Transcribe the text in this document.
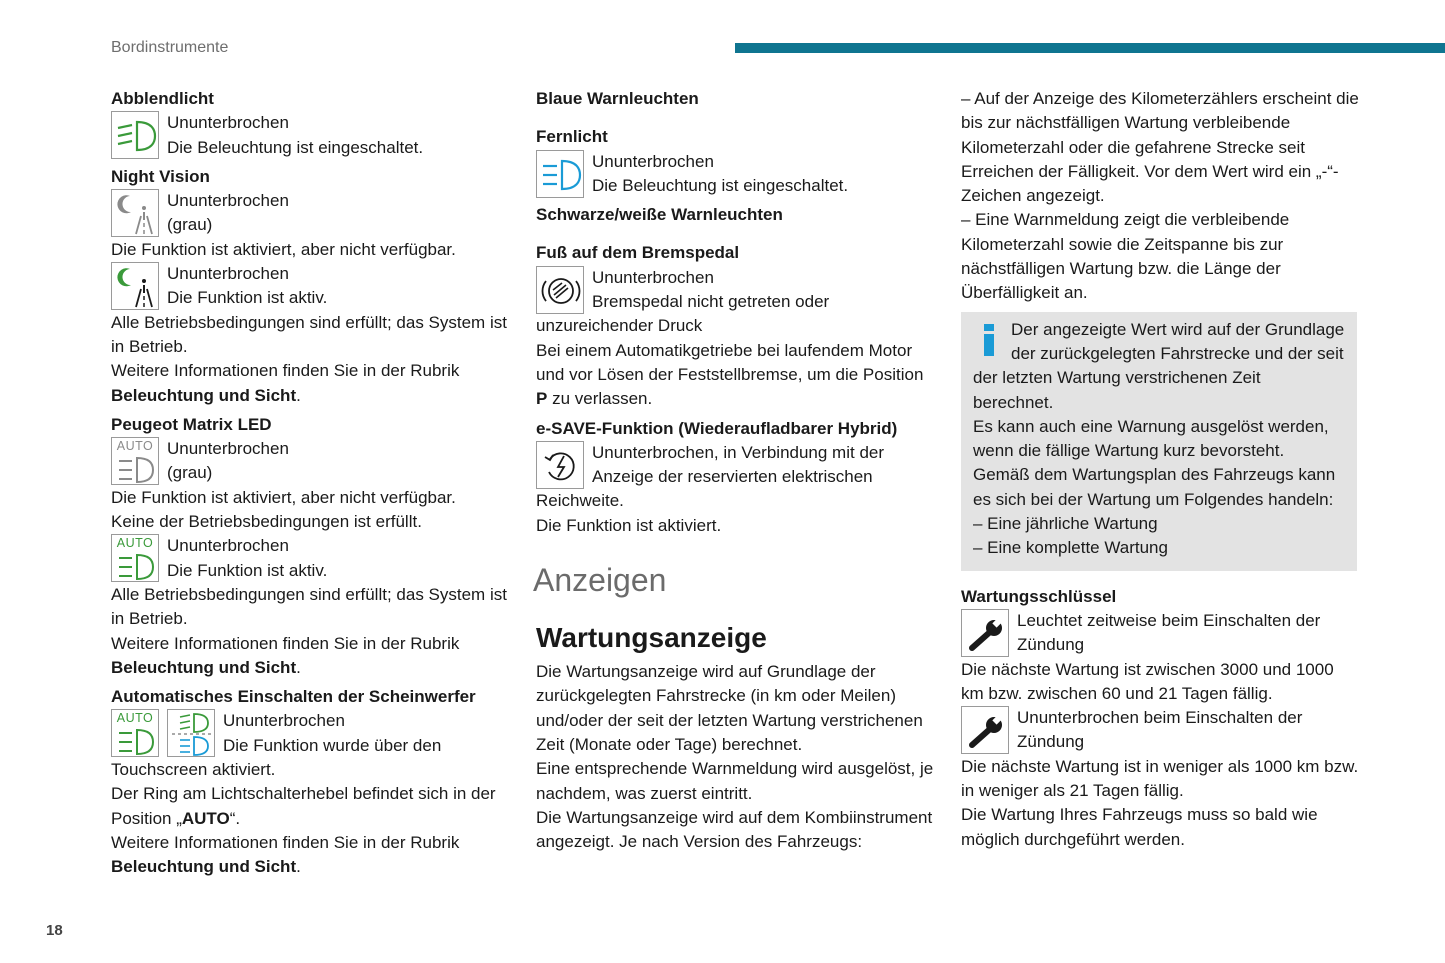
Bordinstrumente
18

Abblendlicht

Ununterbrochen
Die Beleuchtung ist eingeschaltet.

Night Vision

Ununterbrochen
(grau)

Die Funktion ist aktiviert, aber nicht verfügbar.

Ununterbrochen
Die Funktion ist aktiv.

Alle Betriebsbedingungen sind erfüllt; das System ist in Betrieb.

Weitere Informationen finden Sie in der Rubrik
Beleuchtung und Sicht.

Peugeot Matrix LED

AUTO Ununterbrochen
(grau)

Die Funktion ist aktiviert, aber nicht verfügbar.

Keine der Betriebsbedingungen ist erfüllt.

AUTO Ununterbrochen
Die Funktion ist aktiv.

Alle Betriebsbedingungen sind erfüllt; das System ist in Betrieb.

Weitere Informationen finden Sie in der Rubrik
Beleuchtung und Sicht.

Automatisches Einschalten der Scheinwerfer

AUTO	Ununterbrochen
Die Funktion wurde über den

Touchscreen aktiviert.

Der Ring am Lichtschalterhebel befindet sich in der Position „AUTO“.

Weitere Informationen finden Sie in der Rubrik
Beleuchtung und Sicht.

Blaue Warnleuchten

Fernlicht

Ununterbrochen
Die Beleuchtung ist eingeschaltet.

Schwarze/weiße Warnleuchten

Fuß auf dem Bremspedal

Ununterbrochen
Bremspedal nicht getreten oder

unzureichender Druck

Bei einem Automatikgetriebe bei laufendem Motor und vor Lösen der Feststellbremse, um die Position
P zu verlassen.

e-SAVE-Funktion (Wiederaufladbarer Hybrid)

Ununterbrochen, in Verbindung mit der
Anzeige der reservierten elektrischen

Reichweite.

Die Funktion ist aktiviert.

Anzeigen
Wartungsanzeige

Die Wartungsanzeige wird auf Grundlage der zurückgelegten Fahrstrecke (in km oder Meilen) und/oder der seit der letzten Wartung verstrichenen Zeit (Monate oder Tage) berechnet.

Eine entsprechende Warnmeldung wird ausgelöst, je nachdem, was zuerst eintritt.

Die Wartungsanzeige wird auf dem Kombiinstrument angezeigt. Je nach Version des Fahrzeugs:

– Auf der Anzeige des Kilometerzählers erscheint die bis zur nächstfälligen Wartung verbleibende Kilometerzahl oder die gefahrene Strecke seit Erreichen der Fälligkeit. Vor dem Wert wird ein „-“-Zeichen angezeigt.

– Eine Warnmeldung zeigt die verbleibende Kilometerzahl sowie die Zeitspanne bis zur nächstfälligen Wartung bzw. die Länge der Überfälligkeit an.

Der angezeigte Wert wird auf der Grundlage
der zurückgelegten Fahrstrecke und der seit
der letzten Wartung verstrichenen Zeit berechnet.

Es kann auch eine Warnung ausgelöst werden, wenn die fällige Wartung kurz bevorsteht.

Gemäß dem Wartungsplan des Fahrzeugs kann es sich bei der Wartung um Folgendes handeln:

– Eine jährliche Wartung
– Eine komplette Wartung

Wartungsschlüssel

Leuchtet zeitweise beim Einschalten der
Zündung

Die nächste Wartung ist zwischen 3000 und 1000 km bzw. zwischen 60 und 21 Tagen fällig.

Ununterbrochen beim Einschalten der
Zündung

Die nächste Wartung ist in weniger als 1000 km bzw. in weniger als 21 Tagen fällig.

Die Wartung Ihres Fahrzeugs muss so bald wie möglich durchgeführt werden.
